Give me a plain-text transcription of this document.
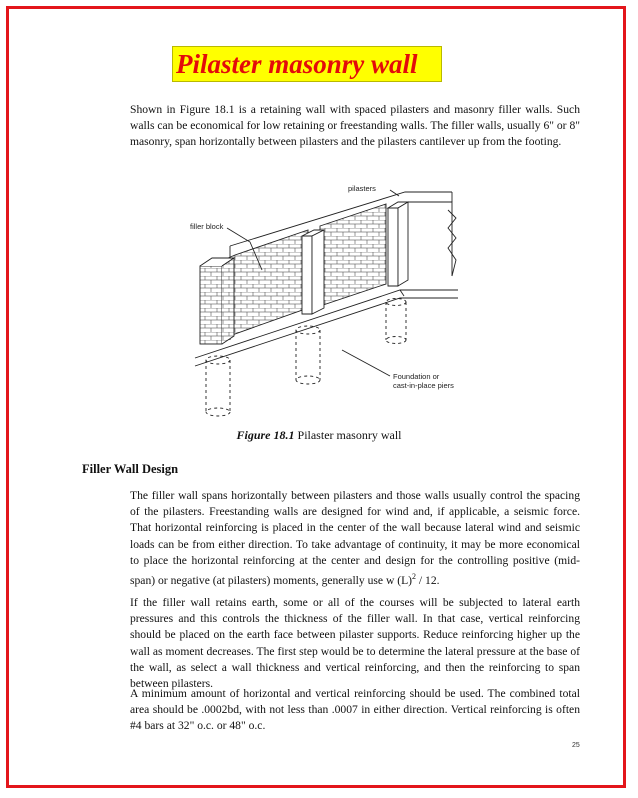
Pilaster masonry wall

Shown in Figure 18.1 is a retaining wall with spaced pilasters and masonry filler walls. Such walls can be economical for low retaining or freestanding walls. The filler walls, usually 6" or 8" masonry, span horizontally between pilasters and the pilasters cantilever up from the footing.

pilasters
filler block
Foundation or
cast-in-place piers
Figure 18.1 Pilaster masonry wall
Filler Wall Design

The filler wall spans horizontally between pilasters and those walls usually control the spacing of the pilasters. Freestanding walls are designed for wind and, if applicable, a seismic force. That horizontal reinforcing is placed in the center of the wall because lateral wind and seismic loads can be from either direction. To take advantage of continuity, it may be more economical to place the horizontal reinforcing at the center and design for the controlling positive (mid-span) or negative (at pilasters) moments, generally use w $(L)^2 / 12$.

If the filler wall retains earth, some or all of the courses will be subjected to lateral earth pressures and this controls the thickness of the filler wall. In that case, vertical reinforcing should be placed on the earth face between pilaster supports. Reduce reinforcing higher up the wall as moment decreases. The first step would be to determine the lateral pressure at the base of the wall, as select a wall thickness and vertical reinforcing, and then the reinforcing to span between pilasters.

A minimum amount of horizontal and vertical reinforcing should be used. The combined total area should be .0002bd, with not less than .0007 in either direction. Vertical reinforcing is often #4 bars at 32" o.c. or 48" o.c.

25
